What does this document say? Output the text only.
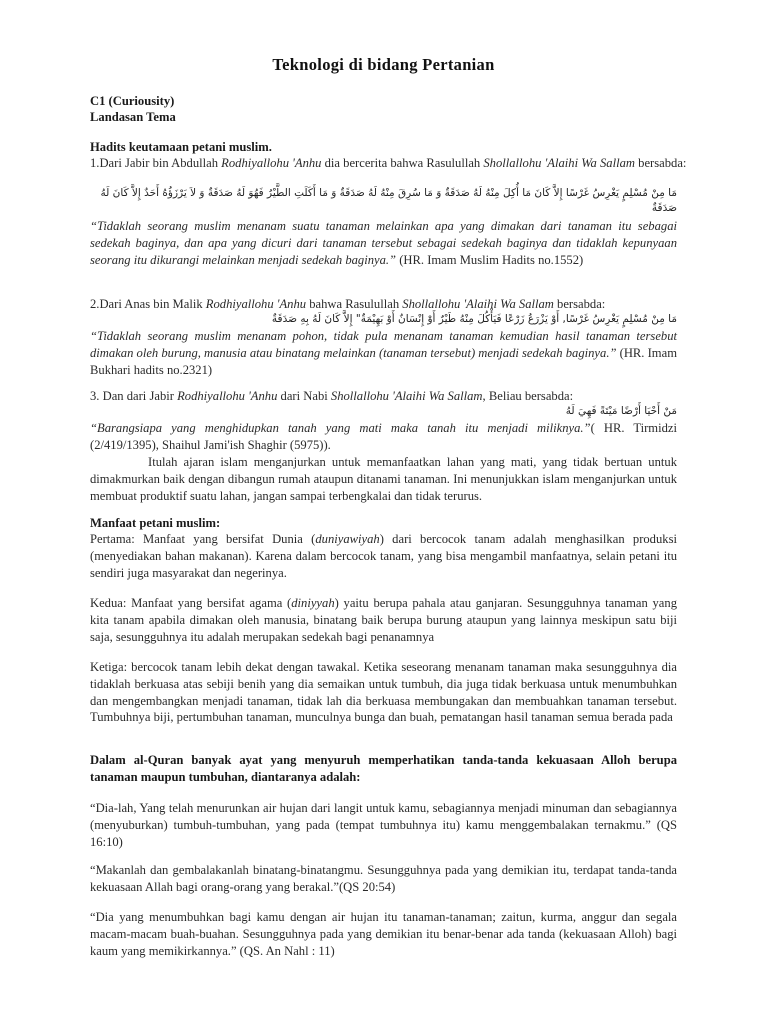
Teknologi di bidang Pertanian
C1 (Curiousity)
Landasan Tema
Hadits keutamaan petani muslim.

1.Dari Jabir bin Abdullah Rodhiyallohu 'Anhu dia bercerita bahwa Rasulullah Shollallohu 'Alaihi Wa Sallam bersabda:

مَا مِنْ مُسْلِمٍ يَغْرِسُ غَرْسًا إِلاَّ كَانَ مَا أُكِلَ مِنْهُ لَهُ صَدَقَةٌ وَ مَا سُرِقَ مِنْهُ لَهُ صَدَقَةٌ وَ مَا أَكَلَتِ الطَّيْرُ فَهُوَ لَهُ صَدَقَةٌ وَ لاَ يَرْزَؤُهُ أَحَدٌ إِلاَّ كَانَ لَهُ صَدَقَةٌ

“Tidaklah seorang muslim menanam suatu tanaman melainkan apa yang dimakan dari tanaman itu sebagai sedekah baginya, dan apa yang dicuri dari tanaman tersebut sebagai sedekah baginya dan tidaklah kepunyaan seorang itu dikurangi melainkan menjadi sedekah baginya.” (HR. Imam Muslim Hadits no.1552)

2.Dari Anas bin Malik Rodhiyallohu 'Anhu bahwa Rasulullah Shollallohu 'Alaihi Wa Sallam bersabda:

مَا مِنْ مُسْلِمٍ يَغْرِسُ غَرْسًا, أَوْ يَزْرَعُ زَرْعًا فَيَأْكُلَ مِنْهُ طَيْرٌ أَوْ إِنْسَانٌ أَوْ بَهِيْمَةٌ" إِلاَّ كَانَ لَهُ بِهِ صَدَقَةٌ

“Tidaklah seorang muslim menanam pohon, tidak pula menanam tanaman kemudian hasil tanaman tersebut dimakan oleh burung, manusia atau binatang melainkan (tanaman tersebut) menjadi sedekah baginya.” (HR. Imam Bukhari hadits no.2321)

3. Dan dari Jabir Rodhiyallohu 'Anhu dari Nabi Shollallohu 'Alaihi Wa Sallam, Beliau bersabda:

مَنْ أَحْيَا أَرْضًا مَيْتَةً فَهِيَ لَهُ

“Barangsiapa yang menghidupkan tanah yang mati maka tanah itu menjadi miliknya.”( HR. Tirmidzi (2/419/1395), Shaihul Jami'ish Shaghir (5975)).

Itulah ajaran islam menganjurkan untuk memanfaatkan lahan yang mati, yang tidak bertuan untuk dimakmurkan baik dengan dibangun rumah ataupun ditanami tanaman. Ini menunjukkan islam menganjurkan untuk membuat produktif suatu lahan, jangan sampai terbengkalai dan tidak terurus.

Manfaat petani muslim:

Pertama: Manfaat yang bersifat Dunia (duniyawiyah) dari bercocok tanam adalah menghasilkan produksi (menyediakan bahan makanan). Karena dalam bercocok tanam, yang bisa mengambil manfaatnya, selain petani itu sendiri juga masyarakat dan negerinya.

Kedua: Manfaat yang bersifat agama (diniyyah) yaitu berupa pahala atau ganjaran. Sesungguhnya tanaman yang kita tanam apabila dimakan oleh manusia, binatang baik berupa burung ataupun yang lainnya meskipun satu biji saja, sesungguhnya itu adalah merupakan sedekah bagi penanamnya

Ketiga: bercocok tanam lebih dekat dengan tawakal. Ketika seseorang menanam tanaman maka sesungguhnya dia tidaklah berkuasa atas sebiji benih yang dia semaikan untuk tumbuh, dia juga tidak berkuasa untuk menumbuhkan dan mengembangkan menjadi tanaman, tidak lah dia berkuasa membungakan dan membuahkan tanaman tersebut. Tumbuhnya biji, pertumbuhan tanaman, munculnya bunga dan buah, pematangan hasil tanaman semua berada pada

Dalam al-Quran banyak ayat yang menyuruh memperhatikan tanda-tanda kekuasaan Alloh berupa tanaman maupun tumbuhan, diantaranya adalah:

“Dia-lah, Yang telah menurunkan air hujan dari langit untuk kamu, sebagiannya menjadi minuman dan sebagiannya (menyuburkan) tumbuh-tumbuhan, yang pada (tempat tumbuhnya itu) kamu menggembalakan ternakmu.” (QS 16:10)

“Makanlah dan gembalakanlah binatang-binatangmu. Sesungguhnya pada yang demikian itu, terdapat tanda-tanda kekuasaan Allah bagi orang-orang yang berakal.”(QS 20:54)

“Dia yang menumbuhkan bagi kamu dengan air hujan itu tanaman-tanaman; zaitun, kurma, anggur dan segala macam-macam buah-buahan. Sesungguhnya pada yang demikian itu benar-benar ada tanda (kekuasaan Alloh) bagi kaum yang memikirkannya.” (QS. An Nahl : 11)
